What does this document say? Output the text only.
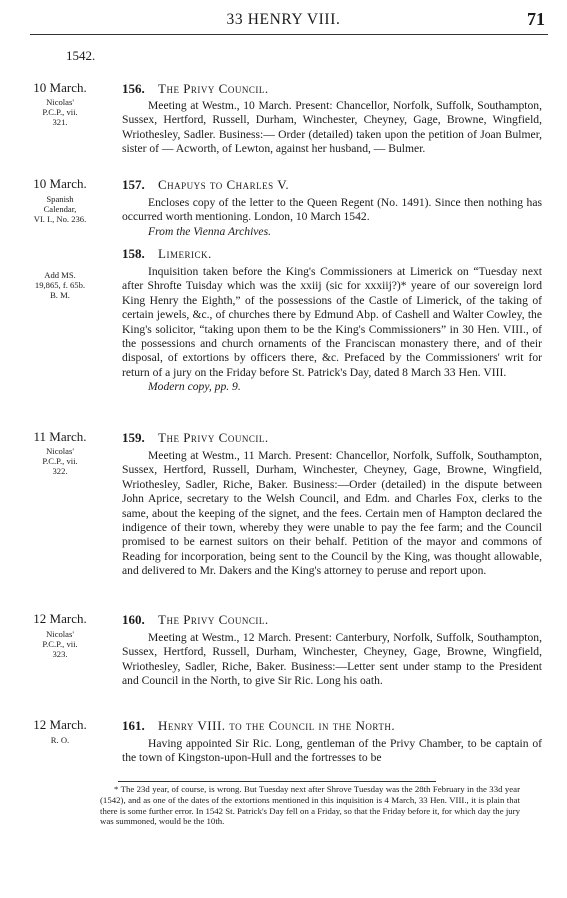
33 HENRY VIII.	71
1542.
10 March.
Nicolas'
P.C.P., vii.
321.
156. The Privy Council.

Meeting at Westm., 10 March. Present: Chancellor, Norfolk, Suffolk, Southampton, Sussex, Hertford, Russell, Durham, Winchester, Cheyney, Gage, Browne, Wingfield, Wriothesley, Sadler. Business:— Order (detailed) taken upon the petition of Joan Bulmer, sister of — Acworth, of Lewton, against her husband, — Bulmer.

10 March.
Spanish
Calendar,
VI. I., No. 236.
157. Chapuys to Charles V.

Encloses copy of the letter to the Queen Regent (No. 1491). Since then nothing has occurred worth mentioning. London, 10 March 1542.

From the Vienna Archives.

Add MS.
19,865, f. 65b.
B. M.
158. Limerick.

Inquisition taken before the King's Commissioners at Limerick on “Tuesday next after Shrofte Tuisday which was the xxiij (sic for xxxiij?)* yeare of our sovereign lord King Henry the Eighth,” of the possessions of the Castle of Limerick, of the taking of certain jewels, &c., of churches there by Edmund Abp. of Cashell and Walter Cowley, the King's solicitor, “taking upon them to be the King's Commissioners” in 30 Hen. VIII., of the possessions and church ornaments of the Franciscan monastery there, and of their disposal, of extortions by officers there, &c. Prefaced by the Commissioners' writ for return of a jury on the Friday before St. Patrick's Day, dated 8 March 33 Hen. VIII.

Modern copy, pp. 9.

11 March.
Nicolas'
P.C.P., vii.
322.
159. The Privy Council.

Meeting at Westm., 11 March. Present: Chancellor, Norfolk, Suffolk, Southampton, Sussex, Hertford, Russell, Durham, Winchester, Cheyney, Gage, Browne, Wingfield, Wriothesley, Sadler, Riche, Baker. Business:—Order (detailed) in the dispute between John Aprice, secretary to the Welsh Council, and Edm. and Charles Fox, clerks to the same, about the keeping of the signet, and the fees. Certain men of Hampton declared the indigence of their town, whereby they were unable to pay the fee farm; and the Council promised to be earnest suitors on their behalf. Petition of the mayor and commons of Reading for incorporation, being sent to the Council by the King, was thought allowable, and delivered to Mr. Dakers and the King's attorney to peruse and report upon.

12 March.
Nicolas'
P.C.P., vii.
323.
160. The Privy Council.

Meeting at Westm., 12 March. Present: Canterbury, Norfolk, Suffolk, Southampton, Sussex, Hertford, Russell, Durham, Winchester, Cheyney, Gage, Browne, Wingfield, Wriothesley, Sadler, Riche, Baker. Business:—Letter sent under stamp to the President and Council in the North, to give Sir Ric. Long his oath.

12 March.
R. O.
161. Henry VIII. to the Council in the North.

Having appointed Sir Ric. Long, gentleman of the Privy Chamber, to be captain of the town of Kingston-upon-Hull and the fortresses to be

* The 23d year, of course, is wrong. But Tuesday next after Shrove Tuesday was the 28th February in the 33d year (1542), and as one of the dates of the extortions mentioned in this inquisition is 4 March, 33 Hen. VIII., it is plain that there is some further error. In 1542 St. Patrick's Day fell on a Friday, so that the Friday before it, for which day the jury was summoned, would be the 10th.
